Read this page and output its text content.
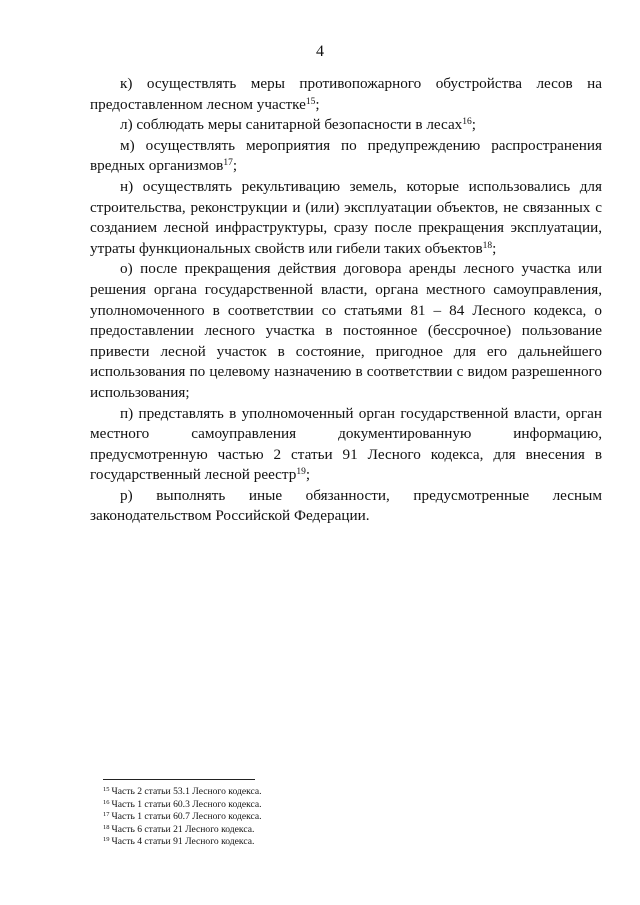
4

к) осуществлять меры противопожарного обустройства лесов на предоставленном лесном участке$^{15}$;

л) соблюдать меры санитарной безопасности в лесах$^{16}$;

м) осуществлять мероприятия по предупреждению распространения вредных организмов$^{17}$;

н) осуществлять рекультивацию земель, которые использовались для строительства, реконструкции и (или) эксплуатации объектов, не связанных с созданием лесной инфраструктуры, сразу после прекращения эксплуатации, утраты функциональных свойств или гибели таких объектов$^{18}$;

о) после прекращения действия договора аренды лесного участка или решения органа государственной власти, органа местного самоуправления, уполномоченного в соответствии со статьями 81 – 84 Лесного кодекса, о предоставлении лесного участка в постоянное (бессрочное) пользование привести лесной участок в состояние, пригодное для его дальнейшего использования по целевому назначению в соответствии с видом разрешенного использования;

п) представлять в уполномоченный орган государственной власти, орган местного самоуправления документированную информацию, предусмотренную частью 2 статьи 91 Лесного кодекса, для внесения в государственный лесной реестр$^{19}$;

р) выполнять иные обязанности, предусмотренные лесным законодательством Российской Федерации.

$^{15}$ Часть 2 статьи 53.1 Лесного кодекса.

$^{16}$ Часть 1 статьи 60.3 Лесного кодекса.

$^{17}$ Часть 1 статьи 60.7 Лесного кодекса.

$^{18}$ Часть 6 статьи 21 Лесного кодекса.

$^{19}$ Часть 4 статьи 91 Лесного кодекса.
